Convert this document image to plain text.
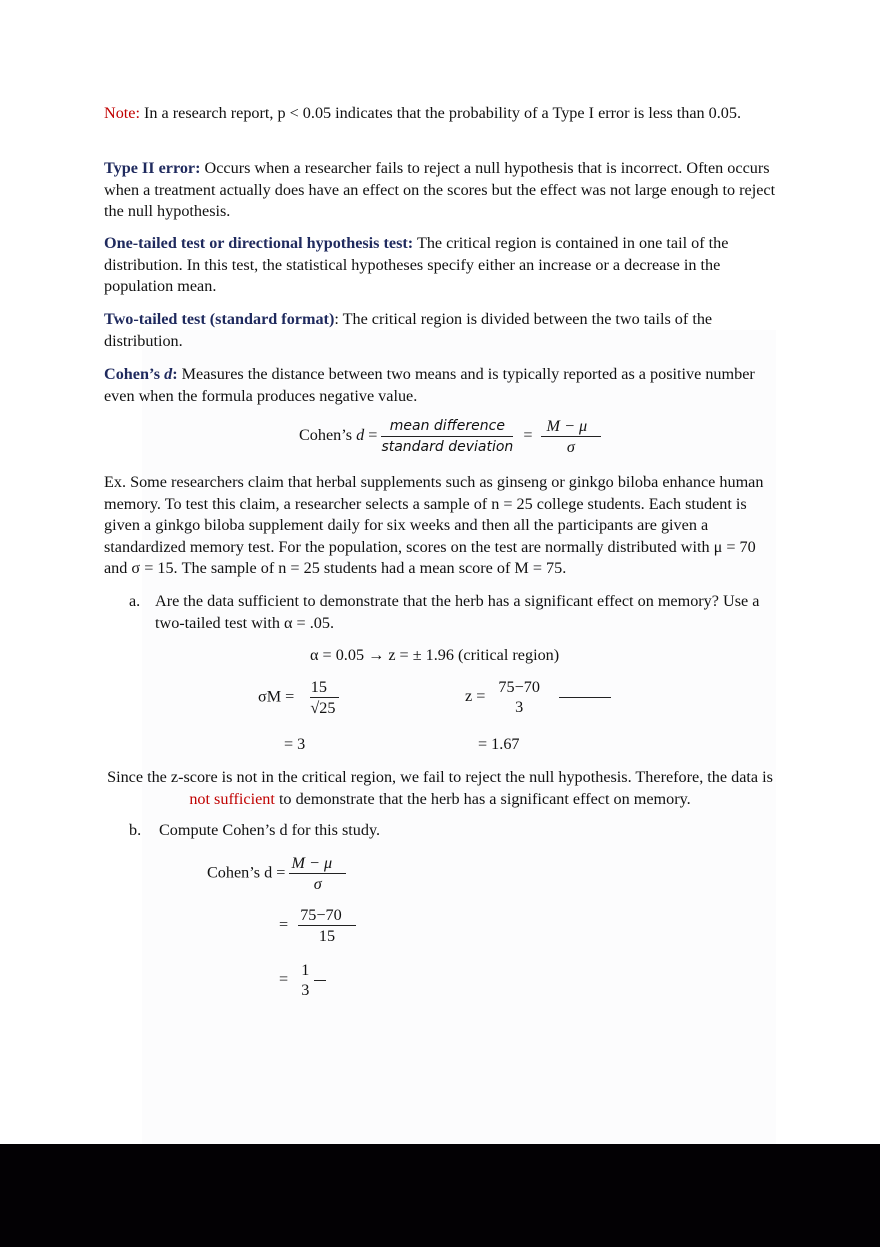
Note: In a research report, p < 0.05 indicates that the probability of a Type I error is less than 0.05.

Type II error: Occurs when a researcher fails to reject a null hypothesis that is incorrect. Often occurs when a treatment actually does have an effect on the scores but the effect was not large enough to reject the null hypothesis.

One-tailed test or directional hypothesis test: The critical region is contained in one tail of the distribution. In this test, the statistical hypotheses specify either an increase or a decrease in the population mean.

Two-tailed test (standard format): The critical region is divided between the two tails of the distribution.

Cohen’s d: Measures the distance between two means and is typically reported as a positive number even when the formula produces negative value.

Cohen’s $d = \frac{\text{mean difference}}{\text{standard deviation}} = \frac{M - \mu}{\sigma}$

Ex. Some researchers claim that herbal supplements such as ginseng or ginkgo biloba enhance human memory. To test this claim, a researcher selects a sample of n = 25 college students. Each student is given a ginkgo biloba supplement daily for six weeks and then all the participants are given a standardized memory test. For the population, scores on the test are normally distributed with μ = 70 and σ = 15. The sample of n = 25 students had a mean score of M = 75.

a. Are the data sufficient to demonstrate that the herb has a significant effect on memory? Use a two-tailed test with α = .05.

α = 0.05 → z = ± 1.96 (critical region)
$\sigma M = \frac{15}{√25}$
= 3
z =
75−70
3

= 1.67

Since the z-score is not in the critical region, we fail to reject the null hypothesis. Therefore, the data is not sufficient to demonstrate that the herb has a significant effect on memory.

b. Compute Cohen’s d for this study.

Cohen’s $d = \frac{M - \mu}{\sigma}$
= $\frac{75-70}{15}$
=
1
3
